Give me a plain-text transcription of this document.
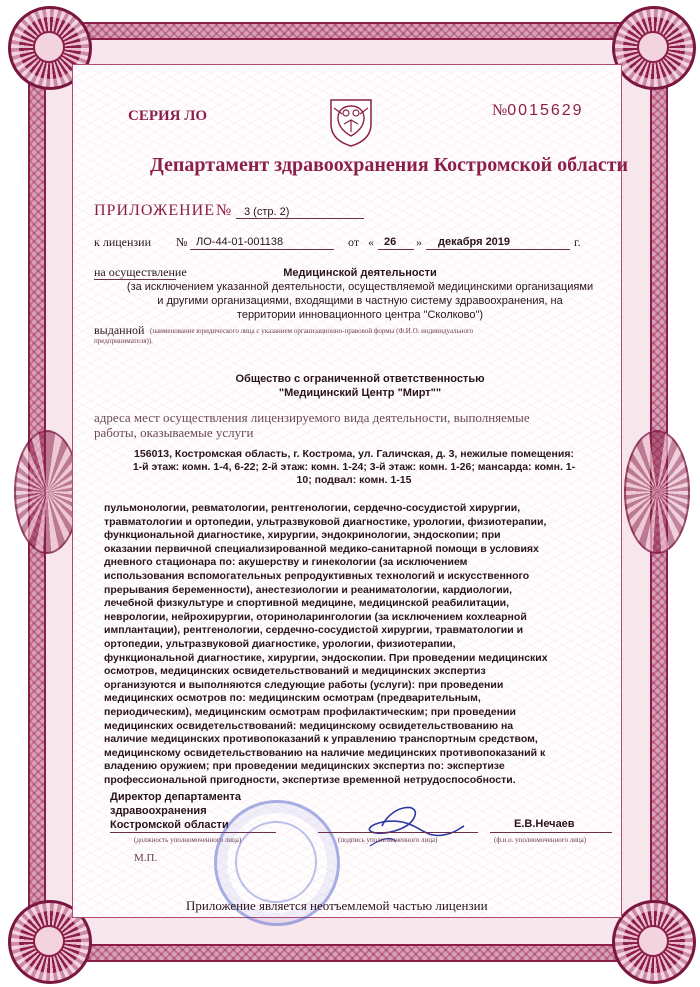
СЕРИЯ ЛО	№0015629
Департамент здравоохранения Костромской области
ПРИЛОЖЕНИЕ № 3 (стр. 2)
к лицензии № ЛО-44-01-001138	от « 26 » декабря 2019	г.
на осуществление	Медицинской деятельности
(за исключением указанной деятельности, осуществляемой медицинскими организациями
и другими организациями, входящими в частную систему здравоохранения, на
территории инновационного центра "Сколково")
выданной (наименование юридического лица с указанием организационно-правовой формы (Ф.И.О. индивидуального
предпринимателя)).
Общество с ограниченной ответственностью
"Медицинский Центр "Мирт""
адреса мест осуществления лицензируемого вида деятельности, выполняемые
работы, оказываемые услуги
156013, Костромская область, г. Кострома, ул. Галичская, д. 3, нежилые помещения:
1-й этаж: комн. 1-4, 6-22; 2-й этаж: комн. 1-24; 3-й этаж: комн. 1-26; мансарда: комн. 1-
10; подвал: комн. 1-15
пульмонологии, ревматологии, рентгенологии, сердечно-сосудистой хирургии,
травматологии и ортопедии, ультразвуковой диагностике, урологии, физиотерапии,
функциональной диагностике, хирургии, эндокринологии, эндоскопии; при
оказании первичной специализированной медико-санитарной помощи в условиях
дневного стационара по: акушерству и гинекологии (за исключением
использования вспомогательных репродуктивных технологий и искусственного
прерывания беременности), анестезиологии и реаниматологии, кардиологии,
лечебной физкультуре и спортивной медицине, медицинской реабилитации,
неврологии, нейрохирургии, оториноларингологии (за исключением кохлеарной
имплантации), рентгенологии, сердечно-сосудистой хирургии, травматологии и
ортопедии, ультразвуковой диагностике, урологии, физиотерапии,
функциональной диагностике, хирургии, эндоскопии. При проведении медицинских
осмотров, медицинских освидетельствований и медицинских экспертиз
организуются и выполняются следующие работы (услуги): при проведении
медицинских осмотров по: медицинским осмотрам (предварительным,
периодическим), медицинским осмотрам профилактическим; при проведении
медицинских освидетельствований: медицинскому освидетельствованию на
наличие медицинских противопоказаний к управлению транспортным средством,
медицинскому освидетельствованию на наличие медицинских противопоказаний к
владению оружием; при проведении медицинских экспертиз по: экспертизе
профессиональной пригодности, экспертизе временной нетрудоспособности.
Директор департамента
здравоохранения
Костромской области
(должность уполномоченного лица)	(подпись уполномоченного лица)
Е.В.Нечаев
(ф.и.о. уполномоченного лица)
М.П.
Приложение является неотъемлемой частью лицензии
